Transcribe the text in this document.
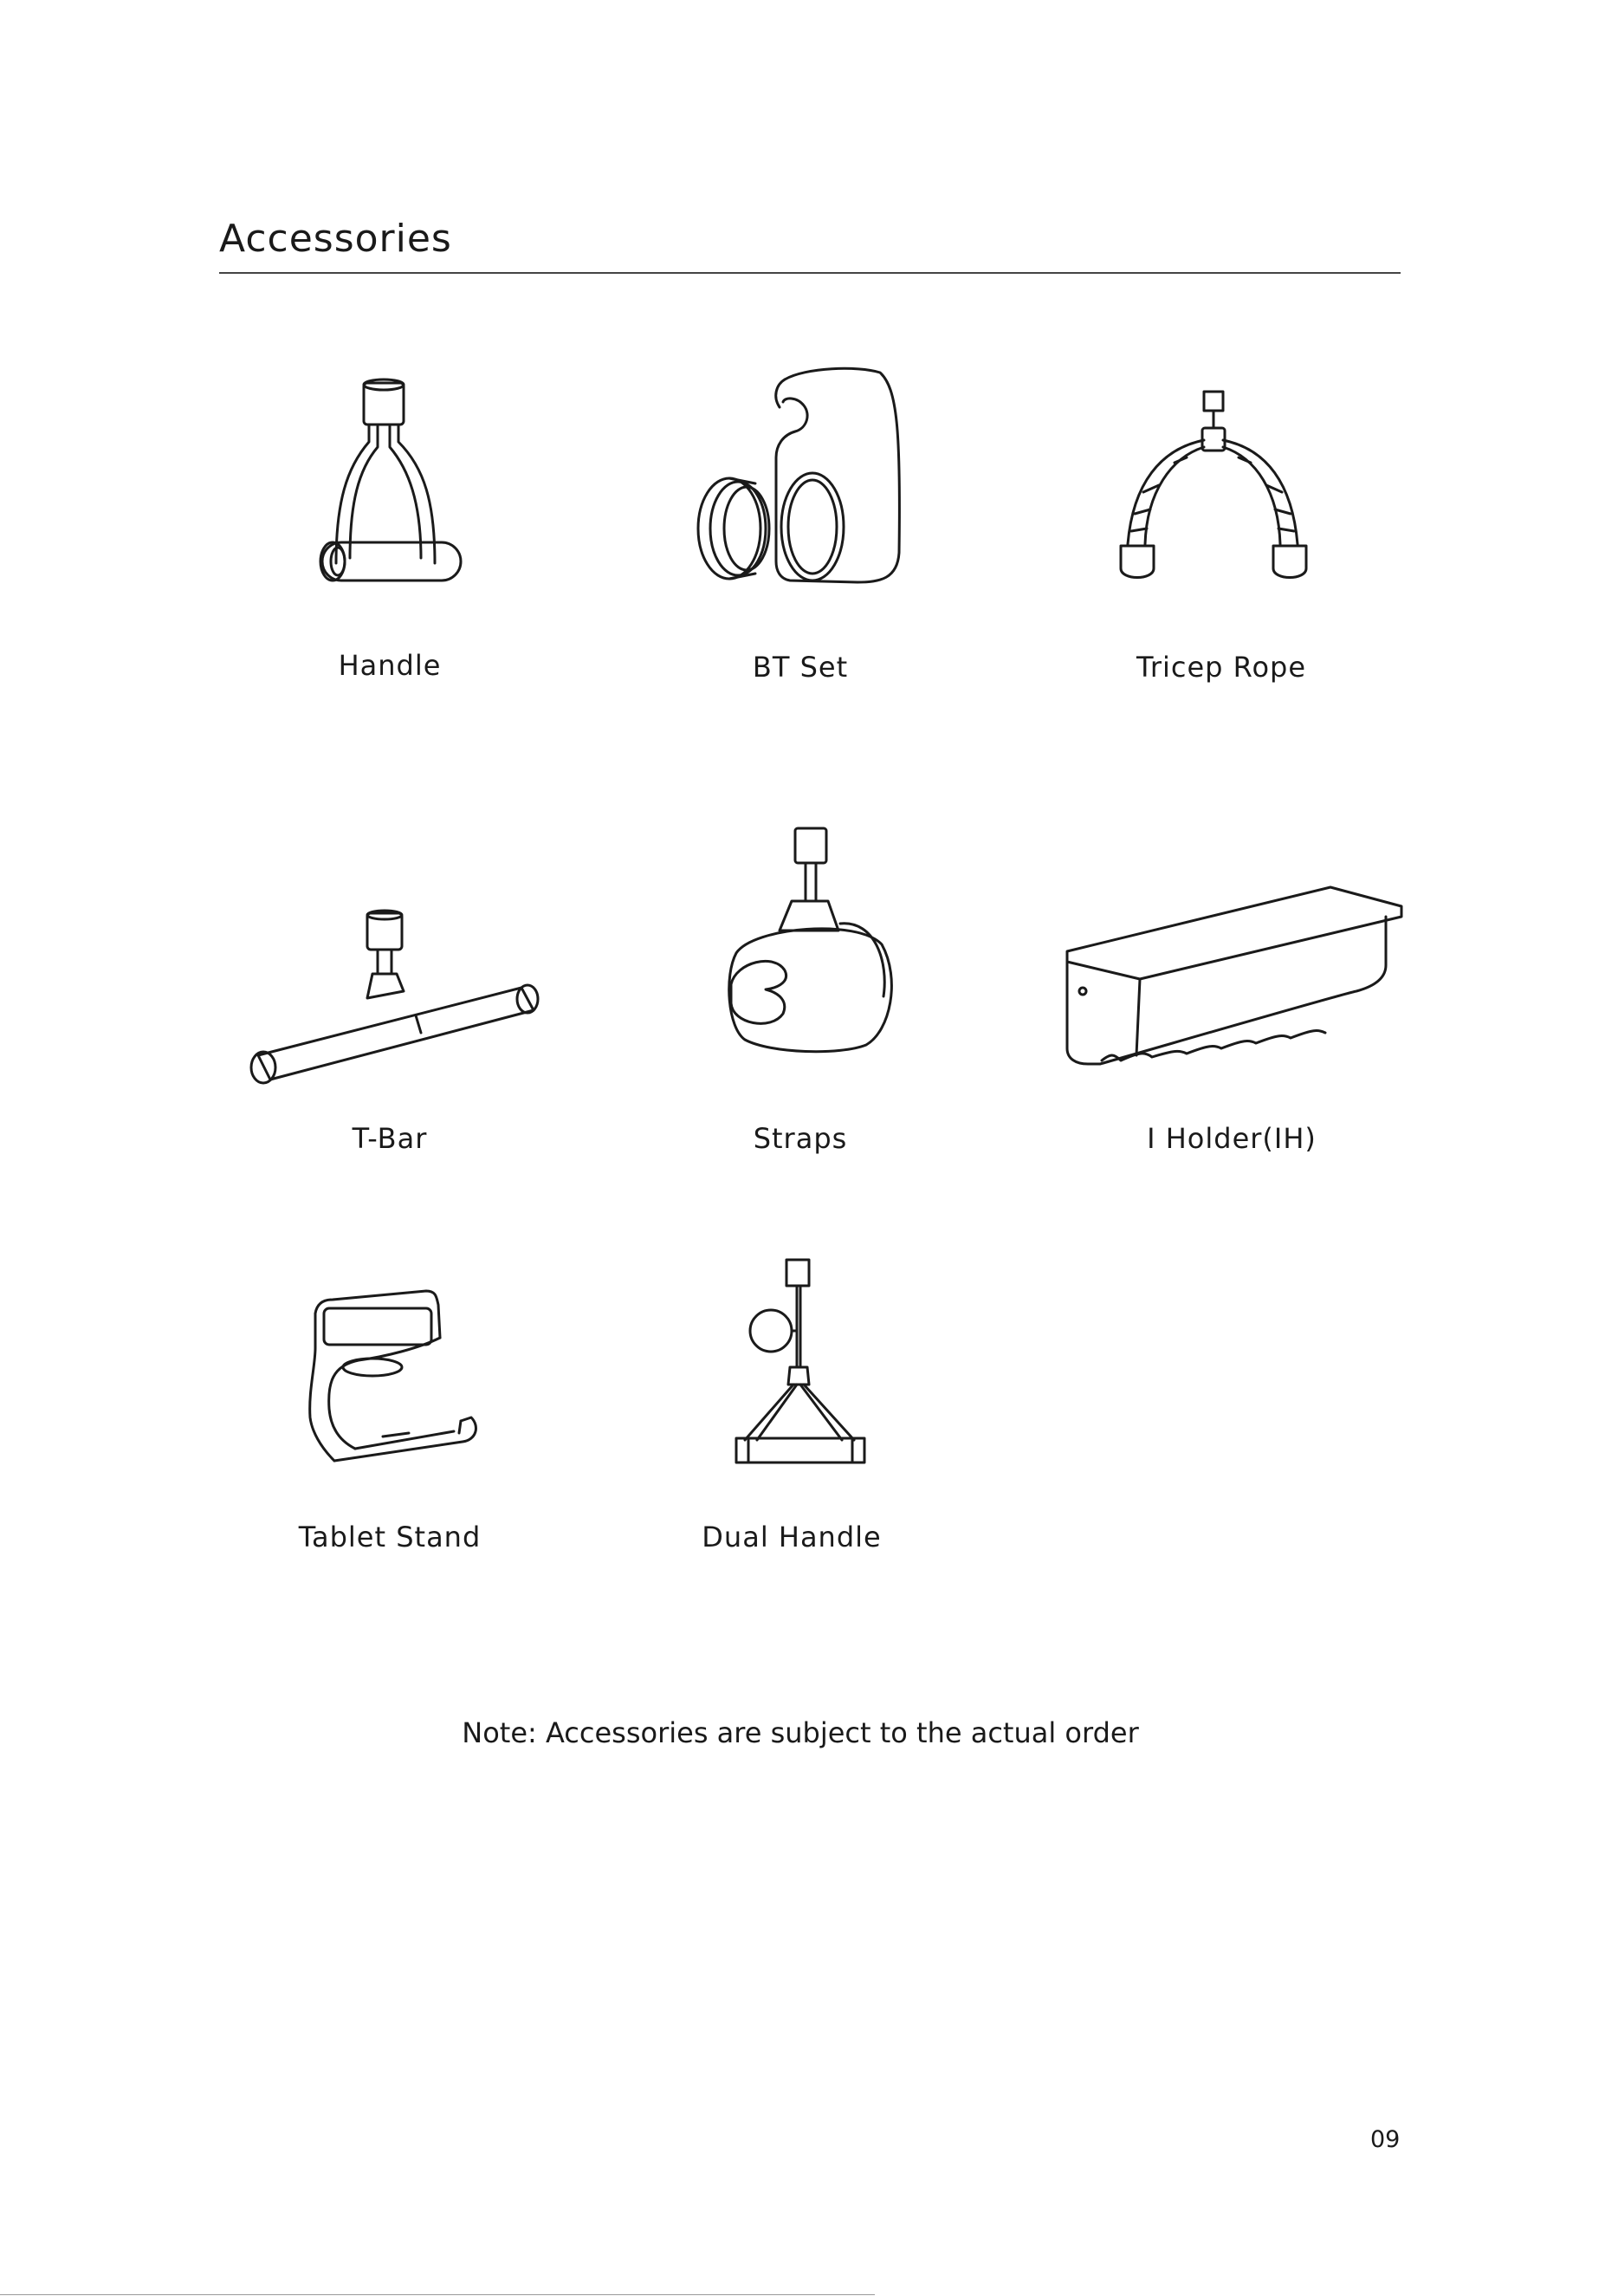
Accessories
Handle	BT Set	Tricep Rope
T-Bar	Straps	I Holder(IH)
Tablet Stand	Dual Handle
Note: Accessories are subject to the actual order
09
